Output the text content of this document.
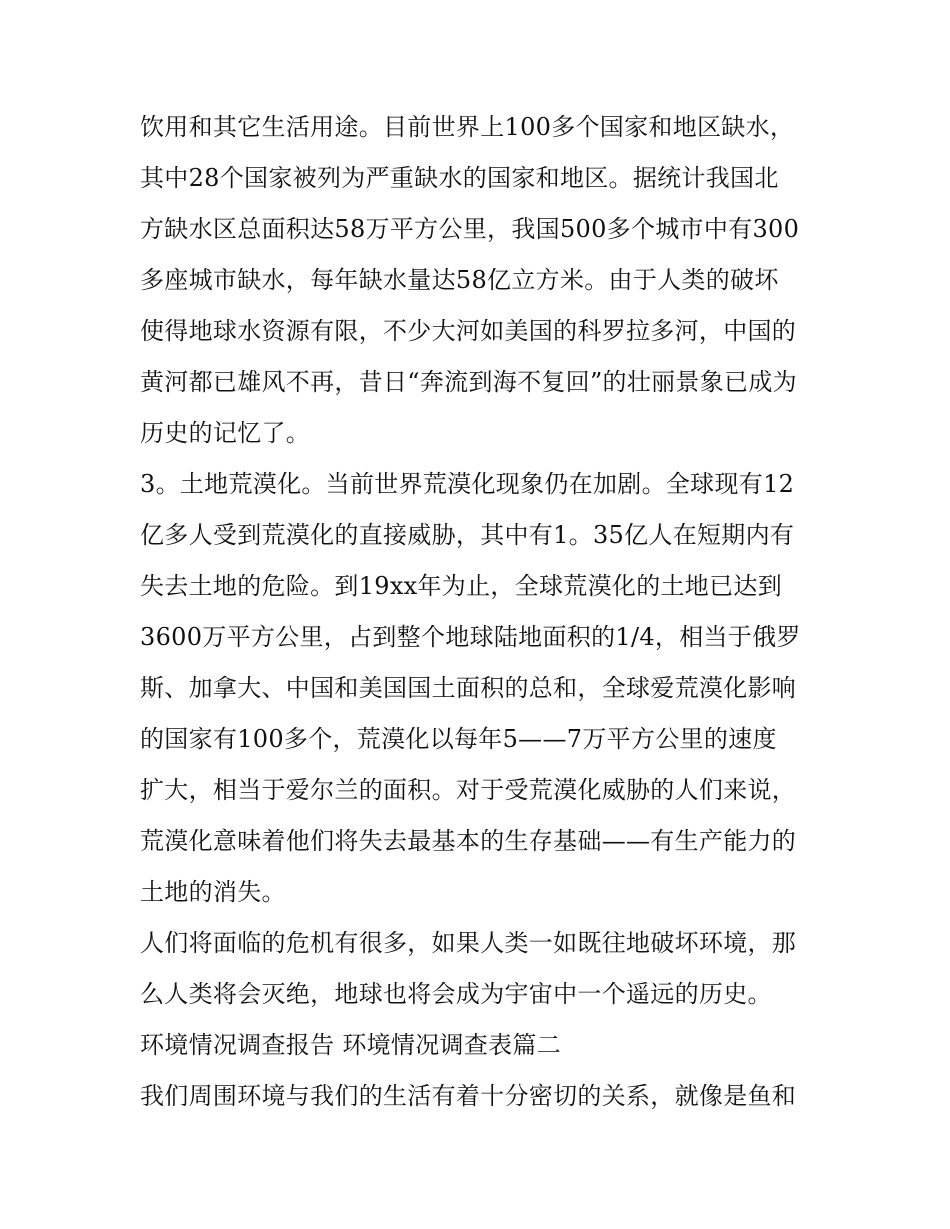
饮用和其它生活用途。目前世界上100多个国家和地区缺水，
其中28个国家被列为严重缺水的国家和地区。据统计我国北
方缺水区总面积达58万平方公里，我国500多个城市中有300
多座城市缺水，每年缺水量达58亿立方米。由于人类的破坏
使得地球水资源有限，不少大河如美国的科罗拉多河，中国的
黄河都已雄风不再，昔日“奔流到海不复回”的壮丽景象已成为
历史的记忆了。
3。土地荒漠化。当前世界荒漠化现象仍在加剧。全球现有12
亿多人受到荒漠化的直接威胁，其中有1。35亿人在短期内有
失去土地的危险。到19xx年为止，全球荒漠化的土地已达到
3600万平方公里，占到整个地球陆地面积的1/4，相当于俄罗
斯、加拿大、中国和美国国土面积的总和，全球爱荒漠化影响
的国家有100多个，荒漠化以每年5——7万平方公里的速度
扩大，相当于爱尔兰的面积。对于受荒漠化威胁的人们来说，
荒漠化意味着他们将失去最基本的生存基础——有生产能力的
土地的消失。
人们将面临的危机有很多，如果人类一如既往地破坏环境，那
么人类将会灭绝，地球也将会成为宇宙中一个遥远的历史。
环境情况调查报告 环境情况调查表篇二
我们周围环境与我们的生活有着十分密切的关系，就像是鱼和
